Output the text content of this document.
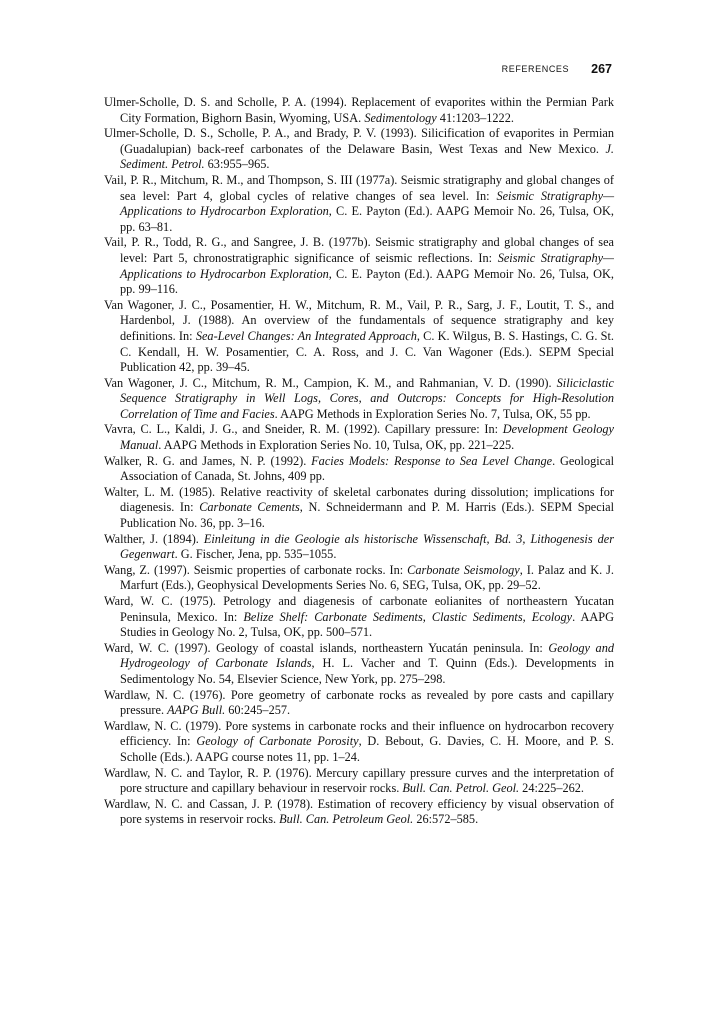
REFERENCES 267

Ulmer-Scholle, D. S. and Scholle, P. A. (1994). Replacement of evaporites within the Permian Park City Formation, Bighorn Basin, Wyoming, USA. Sedimentology 41:1203–1222.

Ulmer-Scholle, D. S., Scholle, P. A., and Brady, P. V. (1993). Silicification of evaporites in Permian (Guadalupian) back-reef carbonates of the Delaware Basin, West Texas and New Mexico. J. Sediment. Petrol. 63:955–965.

Vail, P. R., Mitchum, R. M., and Thompson, S. III (1977a). Seismic stratigraphy and global changes of sea level: Part 4, global cycles of relative changes of sea level. In: Seismic Stratigraphy—Applications to Hydrocarbon Exploration, C. E. Payton (Ed.). AAPG Memoir No. 26, Tulsa, OK, pp. 63–81.

Vail, P. R., Todd, R. G., and Sangree, J. B. (1977b). Seismic stratigraphy and global changes of sea level: Part 5, chronostratigraphic significance of seismic reflections. In: Seismic Stratigraphy—Applications to Hydrocarbon Exploration, C. E. Payton (Ed.). AAPG Memoir No. 26, Tulsa, OK, pp. 99–116.

Van Wagoner, J. C., Posamentier, H. W., Mitchum, R. M., Vail, P. R., Sarg, J. F., Loutit, T. S., and Hardenbol, J. (1988). An overview of the fundamentals of sequence stratigraphy and key definitions. In: Sea-Level Changes: An Integrated Approach, C. K. Wilgus, B. S. Hastings, C. G. St. C. Kendall, H. W. Posamentier, C. A. Ross, and J. C. Van Wagoner (Eds.). SEPM Special Publication 42, pp. 39–45.

Van Wagoner, J. C., Mitchum, R. M., Campion, K. M., and Rahmanian, V. D. (1990). Siliciclastic Sequence Stratigraphy in Well Logs, Cores, and Outcrops: Concepts for High-Resolution Correlation of Time and Facies. AAPG Methods in Exploration Series No. 7, Tulsa, OK, 55 pp.

Vavra, C. L., Kaldi, J. G., and Sneider, R. M. (1992). Capillary pressure: In: Development Geology Manual. AAPG Methods in Exploration Series No. 10, Tulsa, OK, pp. 221–225.

Walker, R. G. and James, N. P. (1992). Facies Models: Response to Sea Level Change. Geological Association of Canada, St. Johns, 409 pp.

Walter, L. M. (1985). Relative reactivity of skeletal carbonates during dissolution; implications for diagenesis. In: Carbonate Cements, N. Schneidermann and P. M. Harris (Eds.). SEPM Special Publication No. 36, pp. 3–16.

Walther, J. (1894). Einleitung in die Geologie als historische Wissenschaft, Bd. 3, Lithogenesis der Gegenwart. G. Fischer, Jena, pp. 535–1055.

Wang, Z. (1997). Seismic properties of carbonate rocks. In: Carbonate Seismology, I. Palaz and K. J. Marfurt (Eds.), Geophysical Developments Series No. 6, SEG, Tulsa, OK, pp. 29–52.

Ward, W. C. (1975). Petrology and diagenesis of carbonate eolianites of northeastern Yucatan Peninsula, Mexico. In: Belize Shelf: Carbonate Sediments, Clastic Sediments, Ecology. AAPG Studies in Geology No. 2, Tulsa, OK, pp. 500–571.

Ward, W. C. (1997). Geology of coastal islands, northeastern Yucatán peninsula. In: Geology and Hydrogeology of Carbonate Islands, H. L. Vacher and T. Quinn (Eds.). Developments in Sedimentology No. 54, Elsevier Science, New York, pp. 275–298.

Wardlaw, N. C. (1976). Pore geometry of carbonate rocks as revealed by pore casts and capillary pressure. AAPG Bull. 60:245–257.

Wardlaw, N. C. (1979). Pore systems in carbonate rocks and their influence on hydrocarbon recovery efficiency. In: Geology of Carbonate Porosity, D. Bebout, G. Davies, C. H. Moore, and P. S. Scholle (Eds.). AAPG course notes 11, pp. 1–24.

Wardlaw, N. C. and Taylor, R. P. (1976). Mercury capillary pressure curves and the interpretation of pore structure and capillary behaviour in reservoir rocks. Bull. Can. Petrol. Geol. 24:225–262.

Wardlaw, N. C. and Cassan, J. P. (1978). Estimation of recovery efficiency by visual observation of pore systems in reservoir rocks. Bull. Can. Petroleum Geol. 26:572–585.
